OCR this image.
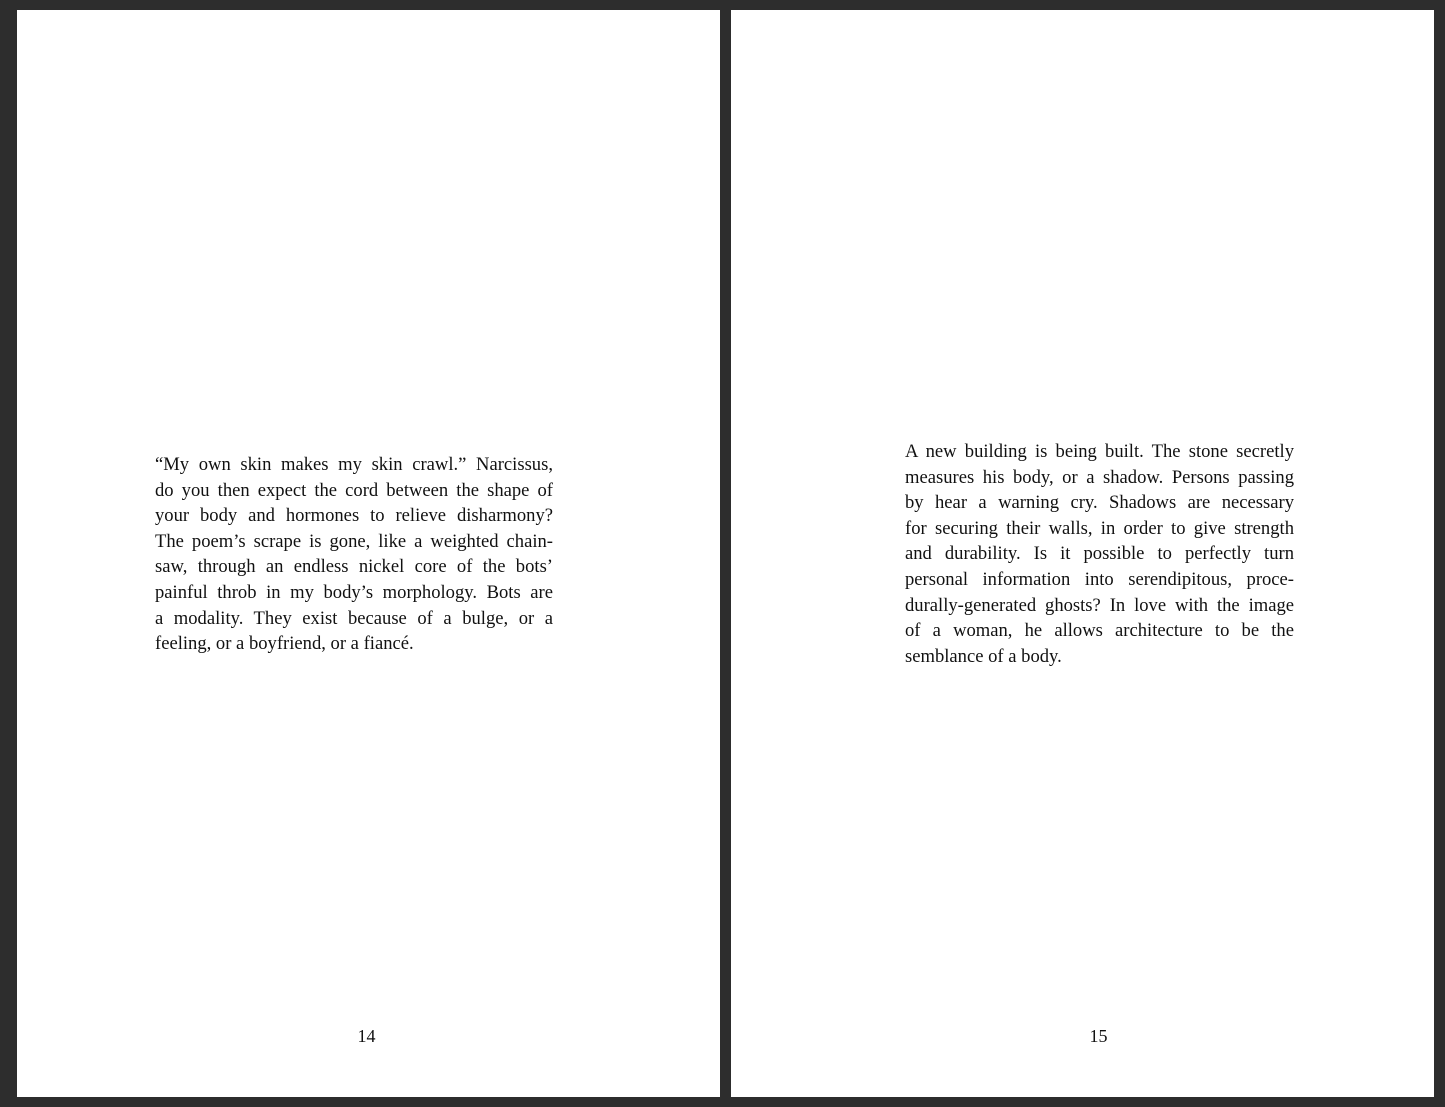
“My own skin makes my skin crawl.” Narcissus,
do you then expect the cord between the shape of
your body and hormones to relieve disharmony?
The poem’s scrape is gone, like a weighted chain-
saw, through an endless nickel core of the bots’
painful throb in my body’s morphology. Bots are
a modality. They exist because of a bulge, or a
feeling, or a boyfriend, or a fiancé.

14

A new building is being built. The stone secretly
measures his body, or a shadow. Persons passing
by hear a warning cry. Shadows are necessary
for securing their walls, in order to give strength
and durability. Is it possible to perfectly turn
personal information into serendipitous, proce-
durally-generated ghosts? In love with the image
of a woman, he allows architecture to be the
semblance of a body.

15
